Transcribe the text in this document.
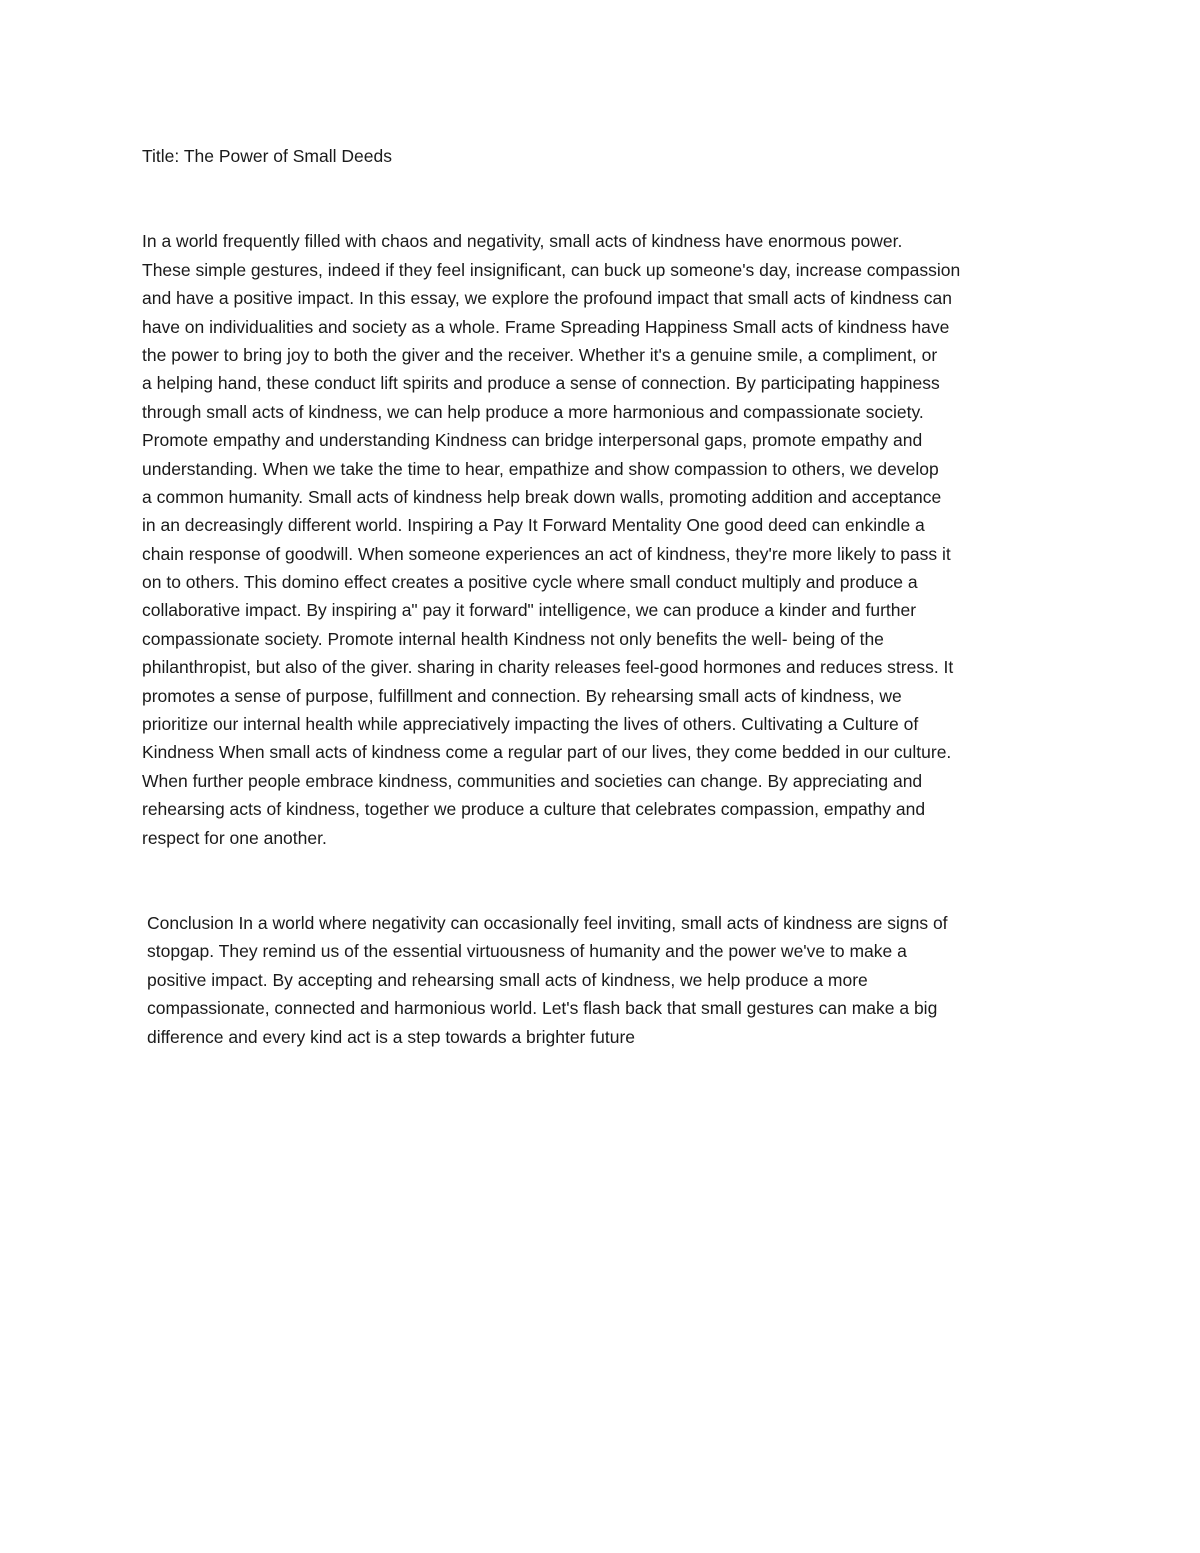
Title: The Power of Small Deeds

In a world frequently filled with chaos and negativity, small acts of kindness have enormous power.
These simple gestures, indeed if they feel insignificant, can buck up someone's day, increase compassion
and have a positive impact. In this essay, we explore the profound impact that small acts of kindness can
have on individualities and society as a whole. Frame Spreading Happiness Small acts of kindness have
the power to bring joy to both the giver and the receiver. Whether it's a genuine smile, a compliment, or
a helping hand, these conduct lift spirits and produce a sense of connection. By participating happiness
through small acts of kindness, we can help produce a more harmonious and compassionate society.
Promote empathy and understanding Kindness can bridge interpersonal gaps, promote empathy and
understanding. When we take the time to hear, empathize and show compassion to others, we develop
a common humanity. Small acts of kindness help break down walls, promoting addition and acceptance
in an decreasingly different world. Inspiring a Pay It Forward Mentality One good deed can enkindle a
chain response of goodwill. When someone experiences an act of kindness, they're more likely to pass it
on to others. This domino effect creates a positive cycle where small conduct multiply and produce a
collaborative impact. By inspiring a" pay it forward" intelligence, we can produce a kinder and further
compassionate society. Promote internal health Kindness not only benefits the well- being of the
philanthropist, but also of the giver. sharing in charity releases feel-good hormones and reduces stress. It
promotes a sense of purpose, fulfillment and connection. By rehearsing small acts of kindness, we
prioritize our internal health while appreciatively impacting the lives of others. Cultivating a Culture of
Kindness When small acts of kindness come a regular part of our lives, they come bedded in our culture.
When further people embrace kindness, communities and societies can change. By appreciating and
rehearsing acts of kindness, together we produce a culture that celebrates compassion, empathy and
respect for one another.
Conclusion In a world where negativity can occasionally feel inviting, small acts of kindness are signs of
stopgap. They remind us of the essential virtuousness of humanity and the power we've to make a
positive impact. By accepting and rehearsing small acts of kindness, we help produce a more
compassionate, connected and harmonious world. Let's flash back that small gestures can make a big
difference and every kind act is a step towards a brighter future
